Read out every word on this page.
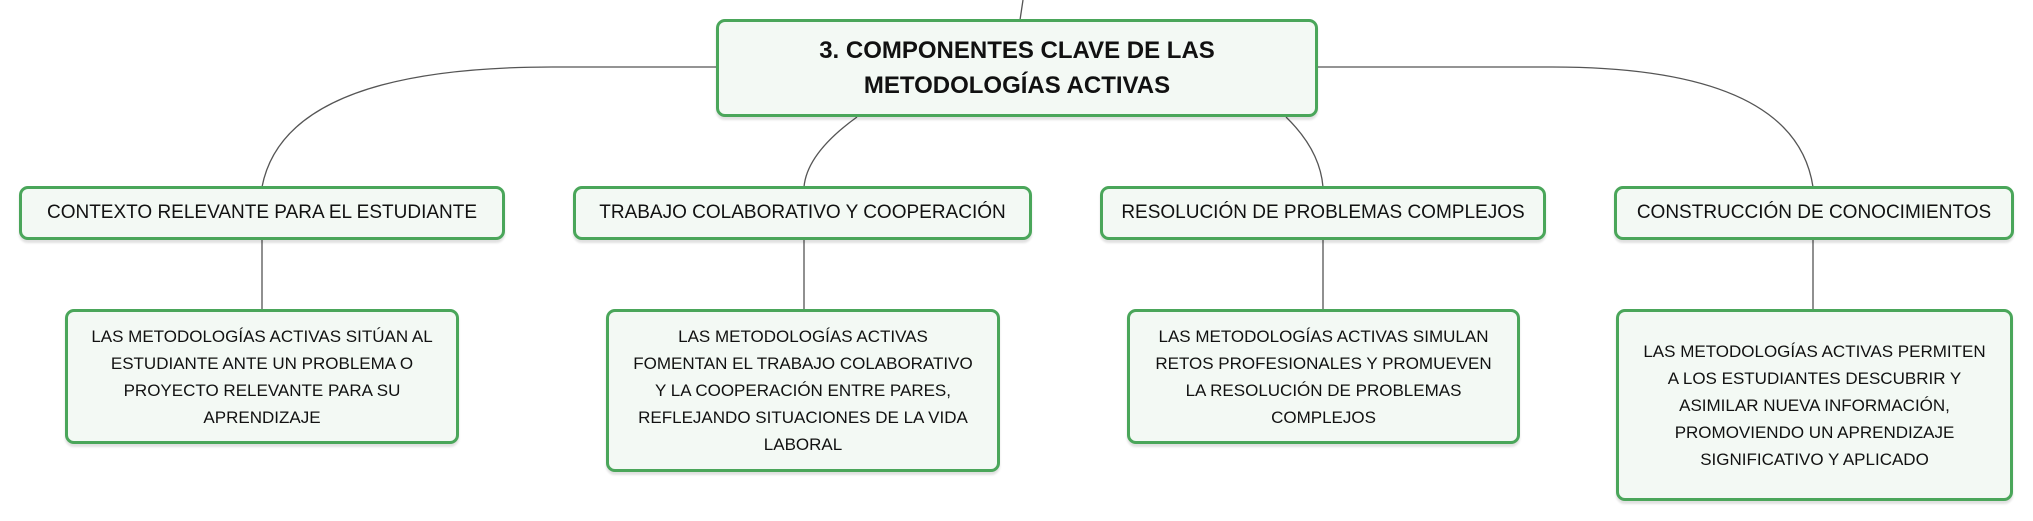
3. COMPONENTES CLAVE DE LAS METODOLOGÍAS ACTIVAS
CONTEXTO RELEVANTE PARA EL ESTUDIANTE	TRABAJO COLABORATIVO Y COOPERACIÓN	RESOLUCIÓN DE PROBLEMAS COMPLEJOS	CONSTRUCCIÓN DE CONOCIMIENTOS
LAS METODOLOGÍAS ACTIVAS SITÚAN AL ESTUDIANTE ANTE UN PROBLEMA O PROYECTO RELEVANTE PARA SU APRENDIZAJE
LAS METODOLOGÍAS ACTIVAS FOMENTAN EL TRABAJO COLABORATIVO Y LA COOPERACIÓN ENTRE PARES, REFLEJANDO SITUACIONES DE LA VIDA LABORAL
LAS METODOLOGÍAS ACTIVAS SIMULAN RETOS PROFESIONALES Y PROMUEVEN LA RESOLUCIÓN DE PROBLEMAS COMPLEJOS
LAS METODOLOGÍAS ACTIVAS PERMITEN A LOS ESTUDIANTES DESCUBRIR Y ASIMILAR NUEVA INFORMACIÓN, PROMOVIENDO UN APRENDIZAJE SIGNIFICATIVO Y APLICADO
